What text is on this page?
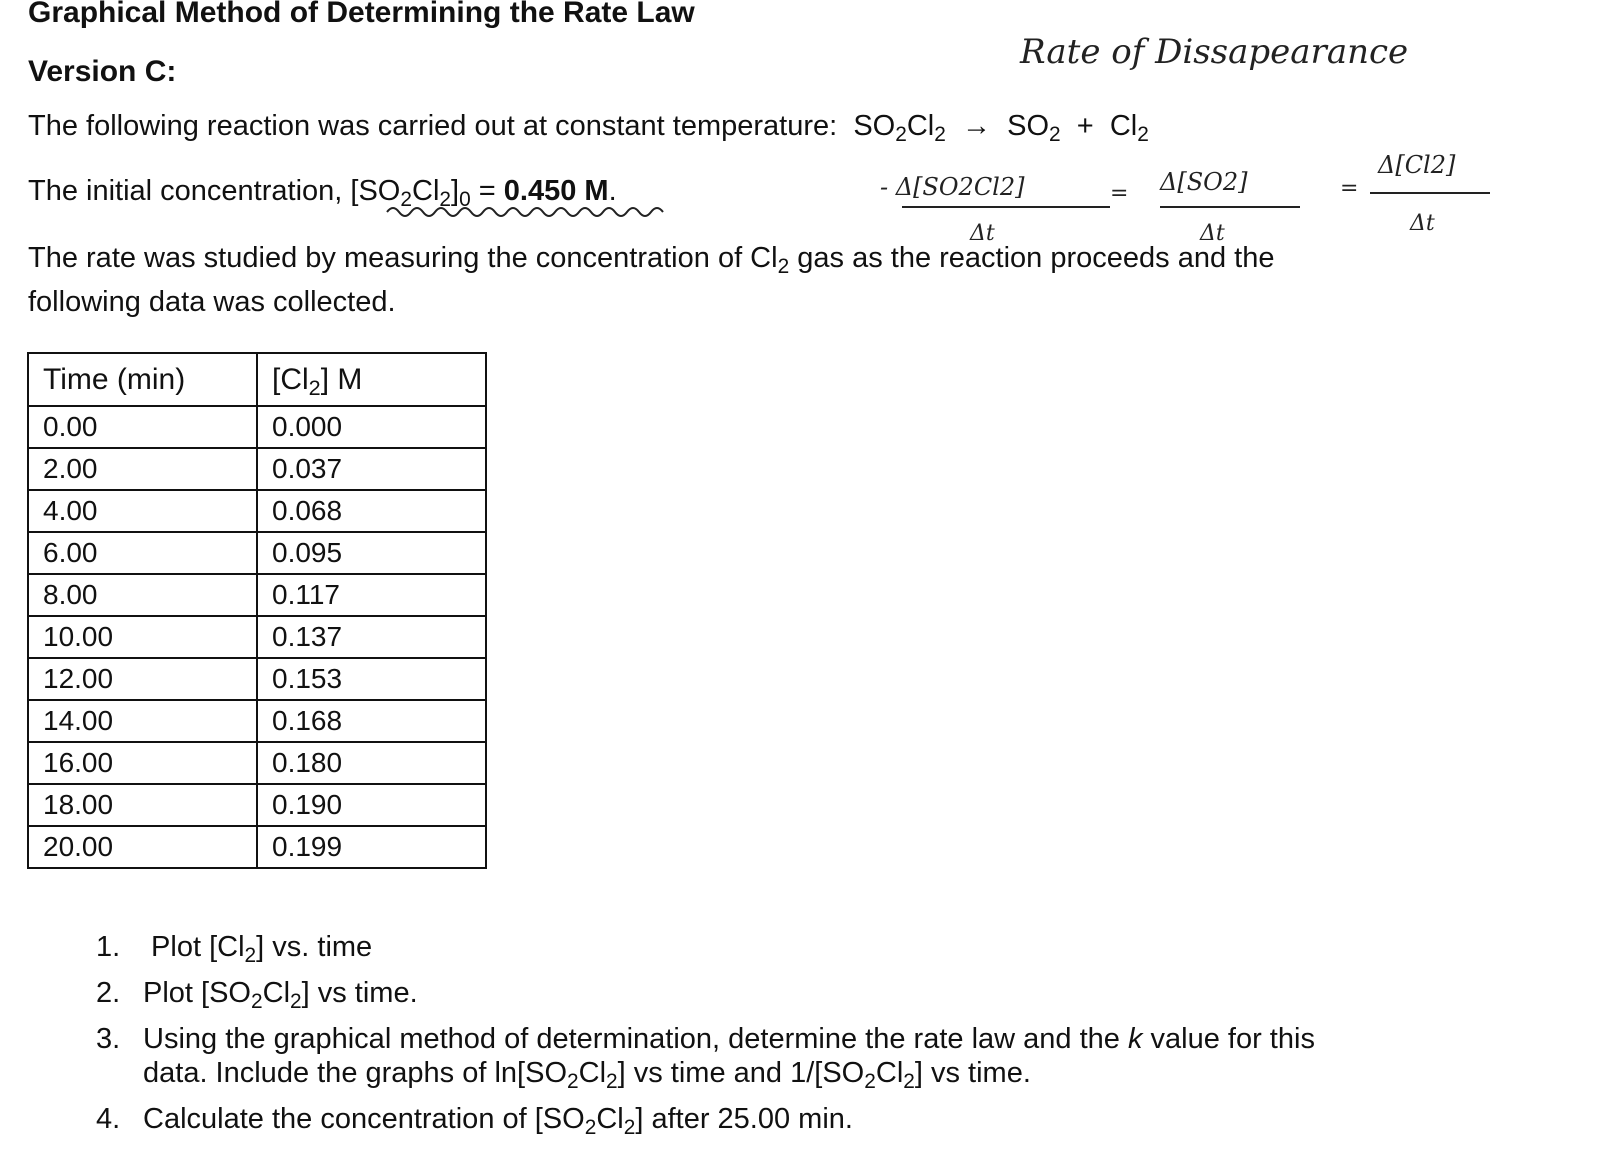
Graphical Method of Determining the Rate Law
Version C:
The following reaction was carried out at constant temperature: $SO_2Cl_2 \to SO_2 + Cl_2$
The initial concentration, $[SO_2Cl_2]_0 = 0.450$ M.
The rate was studied by measuring the concentration of $Cl_2$ gas as the reaction proceeds and the
following data was collected.
Time (min)	$[Cl_2]$ M
0.00	0.000
2.00	0.037
4.00	0.068
6.00	0.095
8.00	0.117
10.00	0.137
12.00	0.153
14.00	0.168
16.00	0.180
18.00	0.190
20.00	0.199
Rate of Dissapearance
- Δ[SO2Cl2]
Δt
= Δ[SO2]
Δt
=
Δ[Cl2]
Δt
1. Plot $[Cl_2]$ vs. time
2. Plot $[SO_2Cl_2]$ vs time.
3. Using the graphical method of determination, determine the rate law and the k value for this
data. Include the graphs of $\ln[SO_2Cl_2]$ vs time and $1/[SO_2Cl_2]$ vs time.
4. Calculate the concentration of $[SO_2Cl_2]$ after 25.00 min.
